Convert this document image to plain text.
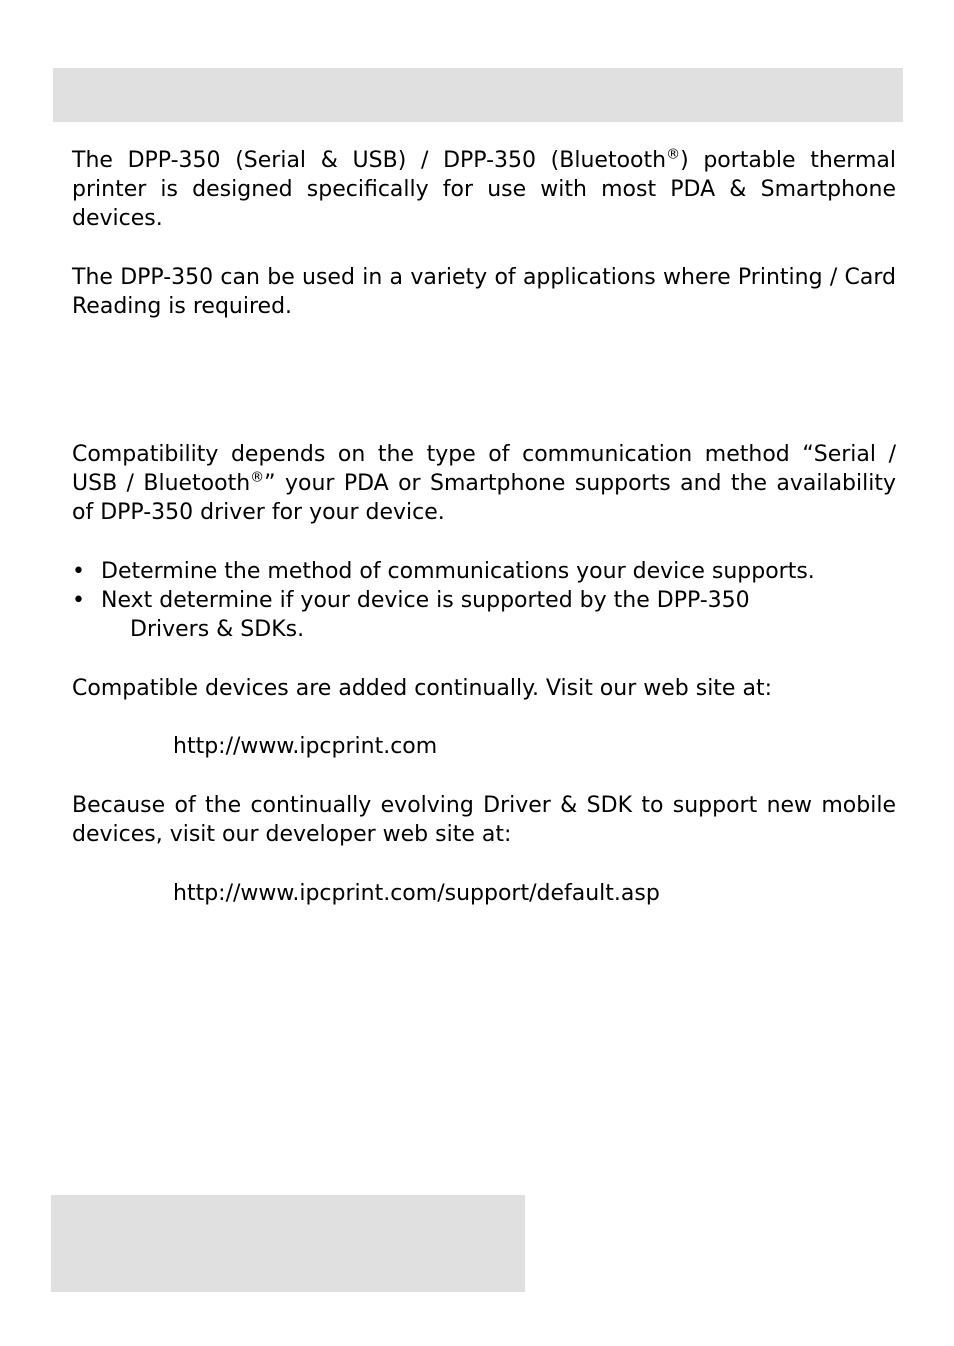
The DPP-350 (Serial & USB) / DPP-350 (Bluetooth®) portable thermal printer is designed specifically for use with most PDA & Smartphone devices.

The DPP-350 can be used in a variety of applications where Printing / Card Reading is required.

Compatibility depends on the type of communication method “Serial / USB / Bluetooth®” your PDA or Smartphone supports and the availability of DPP-350 driver for your device.

• Determine the method of communications your device supports.
• Next determine if your device is supported by the DPP-350
Drivers & SDKs.

Compatible devices are added continually. Visit our web site at:

http://www.ipcprint.com

Because of the continually evolving Driver & SDK to support new mobile devices, visit our developer web site at:

http://www.ipcprint.com/support/default.asp
